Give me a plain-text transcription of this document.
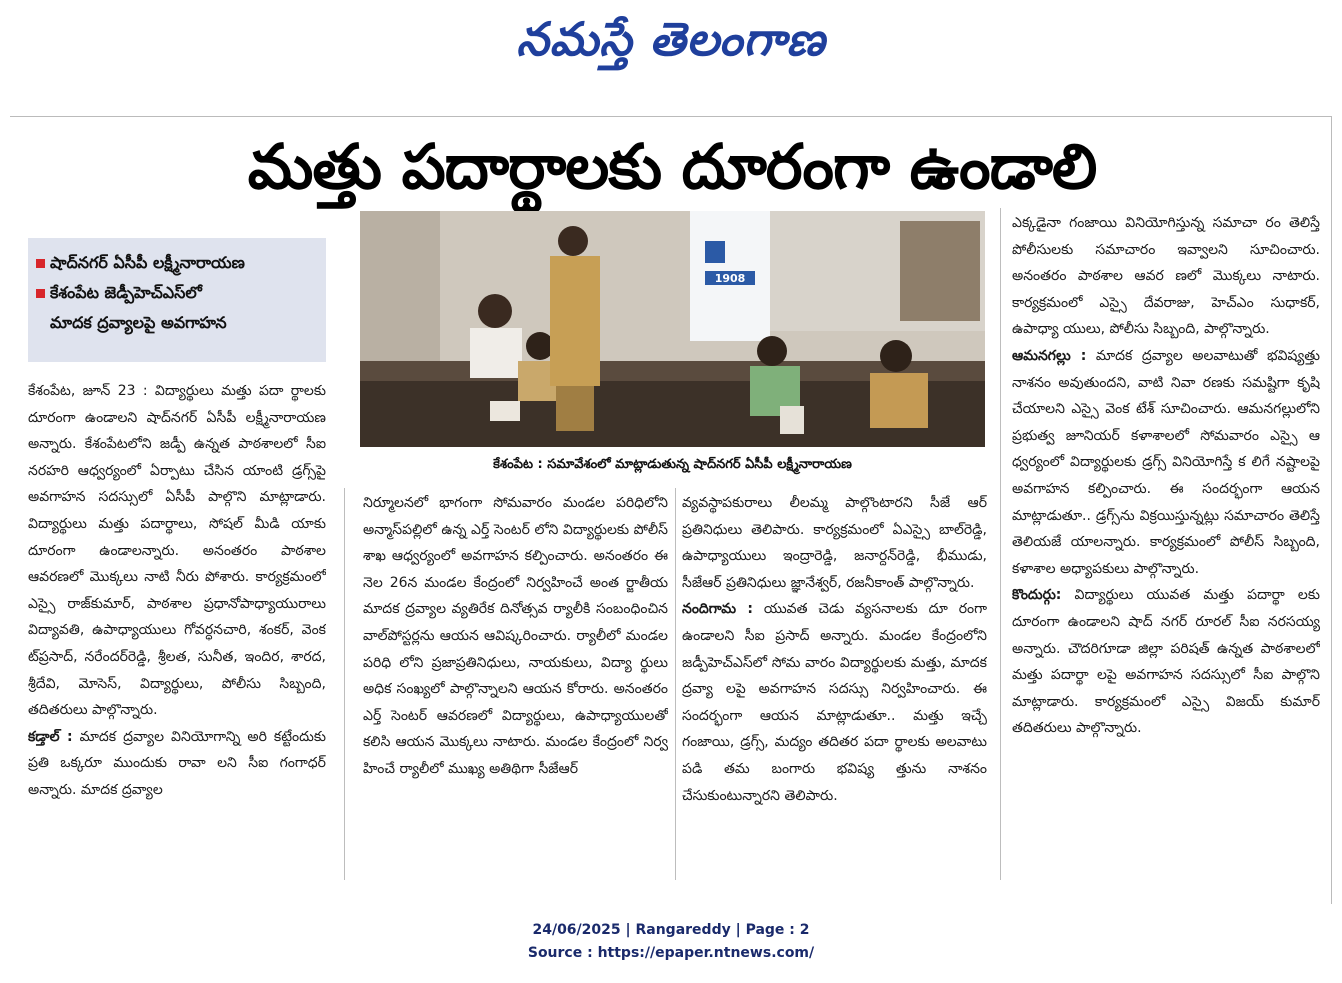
నమస్తే తెలంగాణ
మత్తు పదార్థాలకు దూరంగా ఉండాలి
షాద్‌నగర్ ఏసీపీ లక్ష్మీనారాయణ
కేశంపేట జెడ్పీహెచ్ఎస్‌లో
మాదక ద్రవ్యాలపై అవగాహన
1908
కేశంపేట : సమావేశంలో మాట్లాడుతున్న షాద్‌నగర్ ఏసీపీ లక్ష్మీనారాయణ

కేశంపేట, జూన్ 23 : విద్యార్థులు మత్తు పదా ర్థాలకు దూరంగా ఉండాలని షాద్‌నగర్ ఏసీపీ లక్ష్మీనారాయణ అన్నారు. కేశంపేటలోని జడ్పీ ఉన్నత పాఠశాలలో సీఐ నరహరి ఆధ్వర్యంలో ఏర్పాటు చేసిన యాంటి డ్రగ్స్‌పై అవగాహన సదస్సులో ఏసీపీ పాల్గొని మాట్లాడారు. విద్యార్థులు మత్తు పదార్థాలు, సోషల్ మీడి యాకు దూరంగా ఉండాలన్నారు. అనంతరం పాఠశాల ఆవరణలో మొక్కలు నాటి నీరు పోశారు. కార్యక్రమంలో ఎస్సై రాజ్‌కుమార్, పాఠశాల ప్రధానోపాధ్యాయురాలు విద్యావతి, ఉపాధ్యాయులు గోవర్ధనచారి, శంకర్, వెంక ట్‌ప్రసాద్, నరేందర్‌రెడ్డి, శ్రీలత, సునీత, ఇందిర, శారద, శ్రీదేవి, మోసెస్, విద్యార్థులు, పోలీసు సిబ్బంది, తదితరులు పాల్గొన్నారు.

కడ్తాల్ : మాదక ద్రవ్యాల వినియోగాన్ని అరి కట్టేందుకు ప్రతి ఒక్కరూ ముందుకు రావా లని సీఐ గంగాధర్ అన్నారు. మాదక ద్రవ్యాల

నిర్మూలనలో భాగంగా సోమవారం మండల పరిధిలోని అన్మాస్‌పల్లిలో ఉన్న ఎర్త్ సెంటర్ లోని విద్యార్థులకు పోలీస్ శాఖ ఆధ్వర్యంలో అవగాహన కల్పించారు. అనంతరం ఈ నెల 26న మండల కేంద్రంలో నిర్వహించే అంత ర్జాతీయ మాదక ద్రవ్యాల వ్యతిరేక దినోత్సవ ర్యాలీకి సంబంధించిన వాల్‌పోస్టర్లను ఆయన ఆవిష్కరించారు. ర్యాలీలో మండల పరిధి లోని ప్రజాప్రతినిధులు, నాయకులు, విద్యా ర్థులు అధిక సంఖ్యలో పాల్గొన్నాలని ఆయన కోరారు. అనంతరం ఎర్త్ సెంటర్ ఆవరణలో విద్యార్థులు, ఉపాధ్యాయులతో కలిసి ఆయన మొక్కలు నాటారు. మండల కేంద్రంలో నిర్వ హించే ర్యాలీలో ముఖ్య అతిథిగా సీజేఆర్

వ్యవస్థాపకురాలు లీలమ్మ పాల్గొంటారని సీజే ఆర్ ప్రతినిధులు తెలిపారు. కార్యక్రమంలో ఏఎస్సై బాల్‌రెడ్డి, ఉపాధ్యాయులు ఇంద్రారెడ్డి, జనార్దన్‌రెడ్డి, భీముడు, సీజేఆర్ ప్రతినిధులు జ్ఞానేశ్వర్, రజనీకాంత్ పాల్గొన్నారు.

నందిగామ : యువత చెడు వ్యసనాలకు దూ రంగా ఉండాలని సీఐ ప్రసాద్ అన్నారు. మండల కేంద్రంలోని జడ్పీహెచ్ఎస్‌లో సోమ వారం విద్యార్థులకు మత్తు, మాదక ద్రవ్యా లపై అవగాహన సదస్సు నిర్వహించారు. ఈ సందర్భంగా ఆయన మాట్లాడుతూ.. మత్తు ఇచ్చే గంజాయి, డ్రగ్స్, మద్యం తదితర పదా ర్థాలకు అలవాటు పడి తమ బంగారు భవిష్య త్తును నాశనం చేసుకుంటున్నారని తెలిపారు.

ఎక్కడైనా గంజాయి వినియోగిస్తున్న సమాచా రం తెలిస్తే పోలీసులకు సమాచారం ఇవ్వాలని సూచించారు. అనంతరం పాఠశాల ఆవర ణలో మొక్కలు నాటారు. కార్యక్రమంలో ఎస్సై దేవరాజు, హెచ్‌ఎం సుధాకర్, ఉపాధ్యా యులు, పోలీసు సిబ్బంది, పాల్గొన్నారు.

ఆమనగల్లు : మాదక ద్రవ్యాల అలవాటుతో భవిష్యత్తు నాశనం అవుతుందని, వాటి నివా రణకు సమష్టిగా కృషి చేయాలని ఎస్సై వెంక టేశ్ సూచించారు. ఆమనగల్లులోని ప్రభుత్వ జూనియర్ కళాశాలలో సోమవారం ఎస్సై ఆ ధ్వర్యంలో విద్యార్థులకు డ్రగ్స్ వినియోగిస్తే క లిగే నష్టాలపై అవగాహన కల్పించారు. ఈ సందర్భంగా ఆయన మాట్లాడుతూ.. డ్రగ్స్‌ను విక్రయిస్తున్నట్లు సమాచారం తెలిస్తే తెలియజే యాలన్నారు. కార్యక్రమంలో పోలీస్ సిబ్బంది, కళాశాల అధ్యాపకులు పాల్గొన్నారు.

కొందుర్గు: విద్యార్థులు యువత మత్తు పదార్థా లకు దూరంగా ఉండాలని షాద్ నగర్ రూరల్ సీఐ నరసయ్య అన్నారు. చౌదరిగూడా జిల్లా పరిషత్ ఉన్నత పాఠశాలలో మత్తు పదార్థా లపై అవగాహన సదస్సులో సీఐ పాల్గొని మాట్లాడారు. కార్యక్రమంలో ఎస్సై విజయ్ కుమార్ తదితరులు పాల్గొన్నారు.

24/06/2025 | Rangareddy | Page : 2
Source : https://epaper.ntnews.com/
